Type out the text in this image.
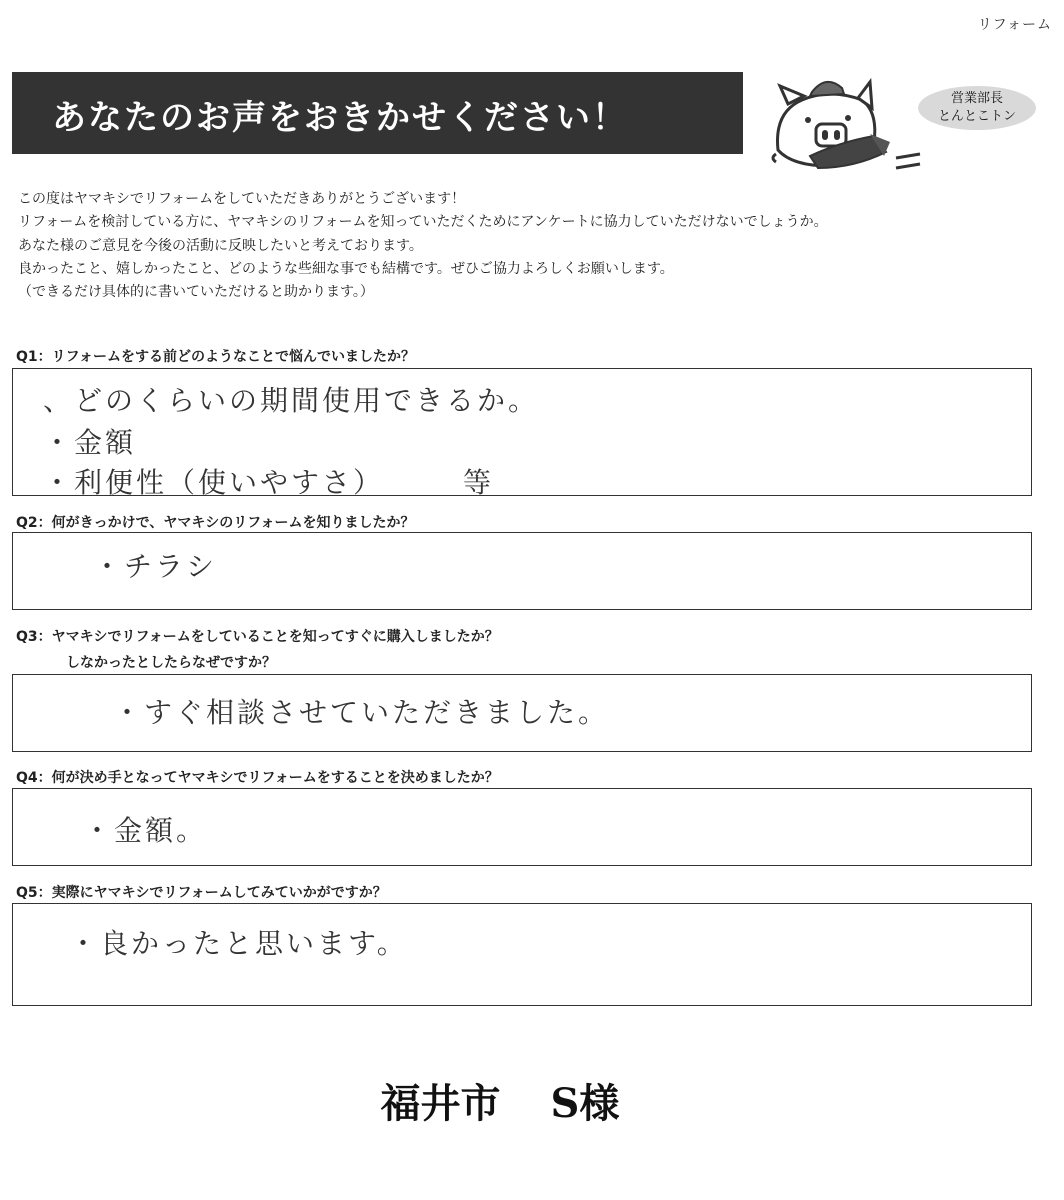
リフォーム
あなたのお声をおきかせください！	営業部長
とんとこトン
この度はヤマキシでリフォームをしていただきありがとうございます！
リフォームを検討している方に、ヤマキシのリフォームを知っていただくためにアンケートに協力していただけないでしょうか。
あなた様のご意見を今後の活動に反映したいと考えております。
良かったこと、嬉しかったこと、どのような些細な事でも結構です。ぜひご協力よろしくお願いします。
（できるだけ具体的に書いていただけると助かります。）
Q1：リフォームをする前どのようなことで悩んでいましたか？
、どのくらいの期間使用できるか。
・金額
・利便性（使いやすさ）　　　等
Q2：何がきっかけで、ヤマキシのリフォームを知りましたか？
・チラシ
Q3：ヤマキシでリフォームをしていることを知ってすぐに購入しましたか？
しなかったとしたらなぜですか？
・すぐ相談させていただきました。
Q4：何が決め手となってヤマキシでリフォームをすることを決めましたか？
・金額。
Q5：実際にヤマキシでリフォームしてみていかがですか？
・良かったと思います。
福井市 S様
